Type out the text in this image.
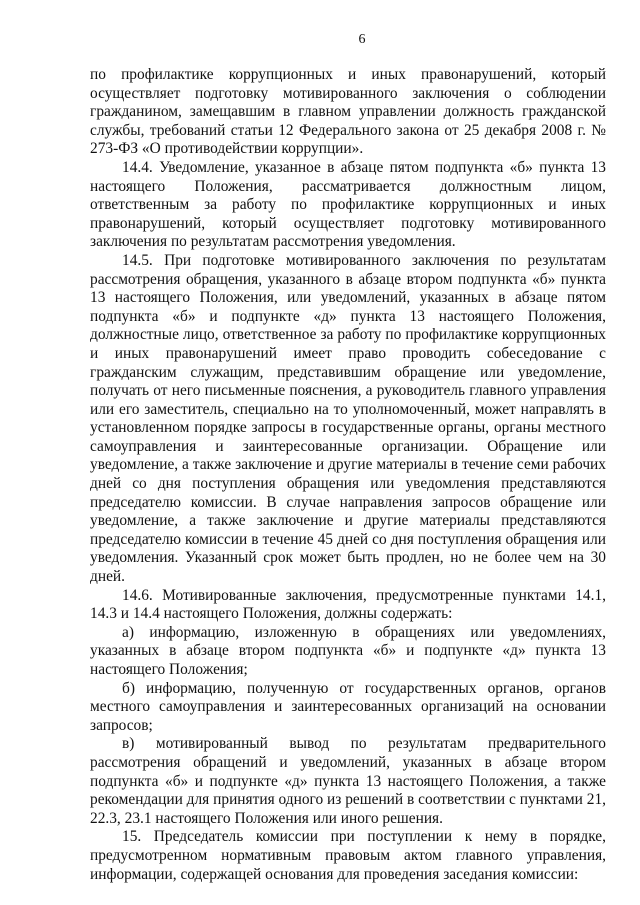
6

по профилактике коррупционных и иных правонарушений, который осуществляет подготовку мотивированного заключения о соблюдении гражданином, замещавшим в главном управлении должность гражданской службы, требований статьи 12 Федерального закона от 25 декабря 2008 г. № 273-ФЗ «О противодействии коррупции».

14.4. Уведомление, указанное в абзаце пятом подпункта «б» пункта 13 настоящего Положения, рассматривается должностным лицом, ответственным за работу по профилактике коррупционных и иных правонарушений, который осуществляет подготовку мотивированного заключения по результатам рассмотрения уведомления.

14.5. При подготовке мотивированного заключения по результатам рассмотрения обращения, указанного в абзаце втором подпункта «б» пункта 13 настоящего Положения, или уведомлений, указанных в абзаце пятом подпункта «б» и подпункте «д» пункта 13 настоящего Положения, должностные лицо, ответственное за работу по профилактике коррупционных и иных правонарушений имеет право проводить собеседование с гражданским служащим, представившим обращение или уведомление, получать от него письменные пояснения, а руководитель главного управления или его заместитель, специально на то уполномоченный, может направлять в установленном порядке запросы в государственные органы, органы местного самоуправления и заинтересованные организации. Обращение или уведомление, а также заключение и другие материалы в течение семи рабочих дней со дня поступления обращения или уведомления представляются председателю комиссии. В случае направления запросов обращение или уведомление, а также заключение и другие материалы представляются председателю комиссии в течение 45 дней со дня поступления обращения или уведомления. Указанный срок может быть продлен, но не более чем на 30 дней.

14.6. Мотивированные заключения, предусмотренные пунктами 14.1, 14.3 и 14.4 настоящего Положения, должны содержать:

а) информацию, изложенную в обращениях или уведомлениях, указанных в абзаце втором подпункта «б» и подпункте «д» пункта 13 настоящего Положения;

б) информацию, полученную от государственных органов, органов местного самоуправления и заинтересованных организаций на основании запросов;

в) мотивированный вывод по результатам предварительного рассмотрения обращений и уведомлений, указанных в абзаце втором подпункта «б» и подпункте «д» пункта 13 настоящего Положения, а также рекомендации для принятия одного из решений в соответствии с пунктами 21, 22.3, 23.1 настоящего Положения или иного решения.

15. Председатель комиссии при поступлении к нему в порядке, предусмотренном нормативным правовым актом главного управления, информации, содержащей основания для проведения заседания комиссии:
